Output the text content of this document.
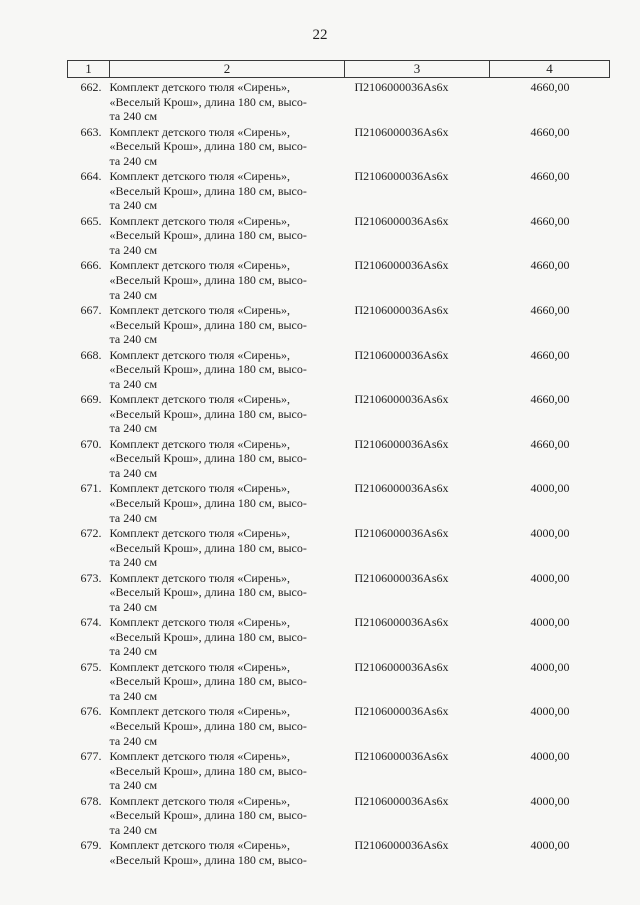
22
1	2	3	4
662.	Комплект детского тюля «Сирень»,
«Веселый Крош», длина 180 см, высо-
та 240 см	П2106000036Аѕ6х	4660,00
663.	Комплект детского тюля «Сирень»,
«Веселый Крош», длина 180 см, высо-
та 240 см	П2106000036Аѕ6х	4660,00
664.	Комплект детского тюля «Сирень»,
«Веселый Крош», длина 180 см, высо-
та 240 см	П2106000036Аѕ6х	4660,00
665.	Комплект детского тюля «Сирень»,
«Веселый Крош», длина 180 см, высо-
та 240 см	П2106000036Аѕ6х	4660,00
666.	Комплект детского тюля «Сирень»,
«Веселый Крош», длина 180 см, высо-
та 240 см	П2106000036Аѕ6х	4660,00
667.	Комплект детского тюля «Сирень»,
«Веселый Крош», длина 180 см, высо-
та 240 см	П2106000036Аѕ6х	4660,00
668.	Комплект детского тюля «Сирень»,
«Веселый Крош», длина 180 см, высо-
та 240 см	П2106000036Аѕ6х	4660,00
669.	Комплект детского тюля «Сирень»,
«Веселый Крош», длина 180 см, высо-
та 240 см	П2106000036Аѕ6х	4660,00
670.	Комплект детского тюля «Сирень»,
«Веселый Крош», длина 180 см, высо-
та 240 см	П2106000036Аѕ6х	4660,00
671.	Комплект детского тюля «Сирень»,
«Веселый Крош», длина 180 см, высо-
та 240 см	П2106000036Аѕ6х	4000,00
672.	Комплект детского тюля «Сирень»,
«Веселый Крош», длина 180 см, высо-
та 240 см	П2106000036Аѕ6х	4000,00
673.	Комплект детского тюля «Сирень»,
«Веселый Крош», длина 180 см, высо-
та 240 см	П2106000036Аѕ6х	4000,00
674.	Комплект детского тюля «Сирень»,
«Веселый Крош», длина 180 см, высо-
та 240 см	П2106000036Аѕ6х	4000,00
675.	Комплект детского тюля «Сирень»,
«Веселый Крош», длина 180 см, высо-
та 240 см	П2106000036Аѕ6х	4000,00
676.	Комплект детского тюля «Сирень»,
«Веселый Крош», длина 180 см, высо-
та 240 см	П2106000036Аѕ6х	4000,00
677.	Комплект детского тюля «Сирень»,
«Веселый Крош», длина 180 см, высо-
та 240 см	П2106000036Аѕ6х	4000,00
678.	Комплект детского тюля «Сирень»,
«Веселый Крош», длина 180 см, высо-
та 240 см	П2106000036Аѕ6х	4000,00
679.	Комплект детского тюля «Сирень»,
«Веселый Крош», длина 180 см, высо-	П2106000036Аѕ6х	4000,00
